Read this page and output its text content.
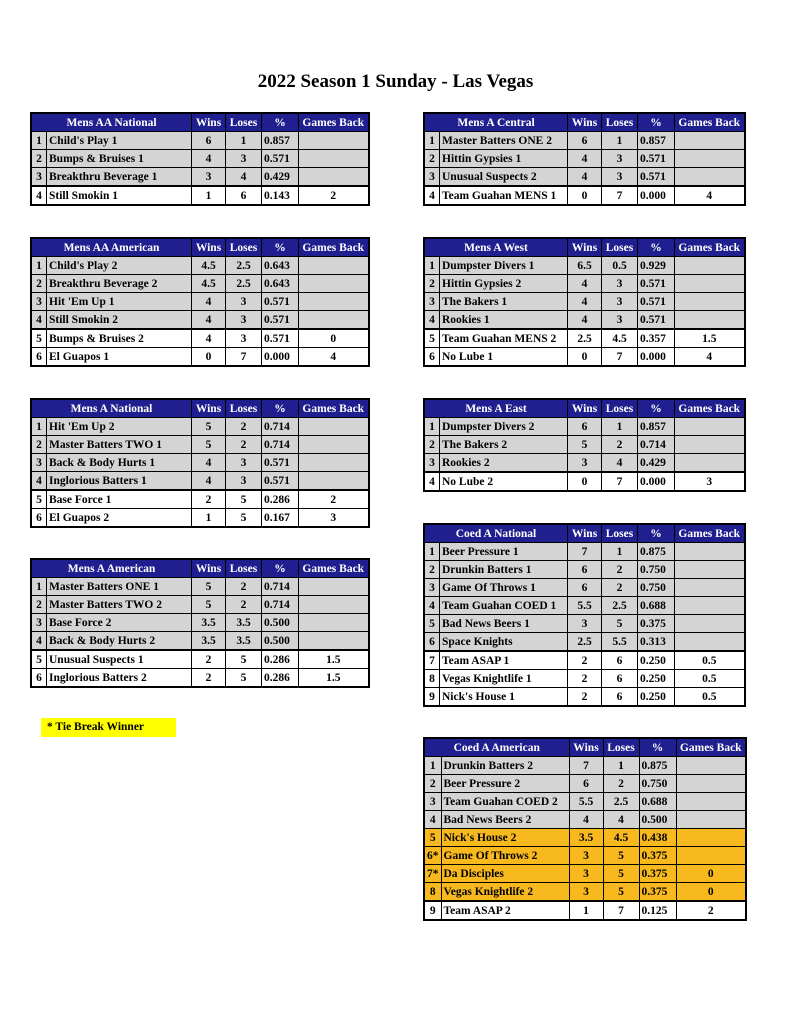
2022 Season 1 Sunday - Las Vegas
Mens AA National		Wins	Loses	%	Games Back
1	Child's Play 1	6	1	0.857	
2	Bumps & Bruises 1	4	3	0.571	
3	Breakthru Beverage 1	3	4	0.429	
4	Still Smokin 1	1	6	0.143	2
Mens A Central		Wins	Loses	%	Games Back
1	Master Batters ONE 2	6	1	0.857	
2	Hittin Gypsies 1	4	3	0.571	
3	Unusual Suspects 2	4	3	0.571	
4	Team Guahan MENS 1	0	7	0.000	4
Mens AA American		Wins	Loses	%	Games Back
1	Child's Play 2	4.5	2.5	0.643	
2	Breakthru Beverage 2	4.5	2.5	0.643	
3	Hit 'Em Up 1	4	3	0.571	
4	Still Smokin 2	4	3	0.571	
5	Bumps & Bruises 2	4	3	0.571	0
6	El Guapos 1	0	7	0.000	4
Mens A West		Wins	Loses	%	Games Back
1	Dumpster Divers 1	6.5	0.5	0.929	
2	Hittin Gypsies 2	4	3	0.571	
3	The Bakers 1	4	3	0.571	
4	Rookies 1	4	3	0.571	
5	Team Guahan MENS 2	2.5	4.5	0.357	1.5
6	No Lube 1	0	7	0.000	4
Mens A National		Wins	Loses	%	Games Back
1	Hit 'Em Up 2	5	2	0.714	
2	Master Batters TWO 1	5	2	0.714	
3	Back & Body Hurts 1	4	3	0.571	
4	Inglorious Batters 1	4	3	0.571	
5	Base Force 1	2	5	0.286	2
6	El Guapos 2	1	5	0.167	3
Mens A East		Wins	Loses	%	Games Back
1	Dumpster Divers 2	6	1	0.857	
2	The Bakers 2	5	2	0.714	
3	Rookies 2	3	4	0.429	
4	No Lube 2	0	7	0.000	3
Coed A National		Wins	Loses	%	Games Back
1	Beer Pressure 1	7	1	0.875	
2	Drunkin Batters 1	6	2	0.750	
3	Game Of Throws 1	6	2	0.750	
4	Team Guahan COED 1	5.5	2.5	0.688	
5	Bad News Beers 1	3	5	0.375	
6	Space Knights	2.5	5.5	0.313	
7	Team ASAP 1	2	6	0.250	0.5
8	Vegas Knightlife 1	2	6	0.250	0.5
9	Nick's House 1	2	6	0.250	0.5
Mens A American		Wins	Loses	%	Games Back
1	Master Batters ONE 1	5	2	0.714	
2	Master Batters TWO 2	5	2	0.714	
3	Base Force 2	3.5	3.5	0.500	
4	Back & Body Hurts 2	3.5	3.5	0.500	
5	Unusual Suspects 1	2	5	0.286	1.5
6	Inglorious Batters 2	2	5	0.286	1.5
Coed A American		Wins	Loses	%	Games Back
1	Drunkin Batters 2	7	1	0.875	
2	Beer Pressure 2	6	2	0.750	
3	Team Guahan COED 2	5.5	2.5	0.688	
4	Bad News Beers 2	4	4	0.500	
5	Nick's House 2	3.5	4.5	0.438	
6*	Game Of Throws 2	3	5	0.375	
7*	Da Disciples	3	5	0.375	0
8	Vegas Knightlife 2	3	5	0.375	0
9	Team ASAP 2	1	7	0.125	2
* Tie Break Winner
